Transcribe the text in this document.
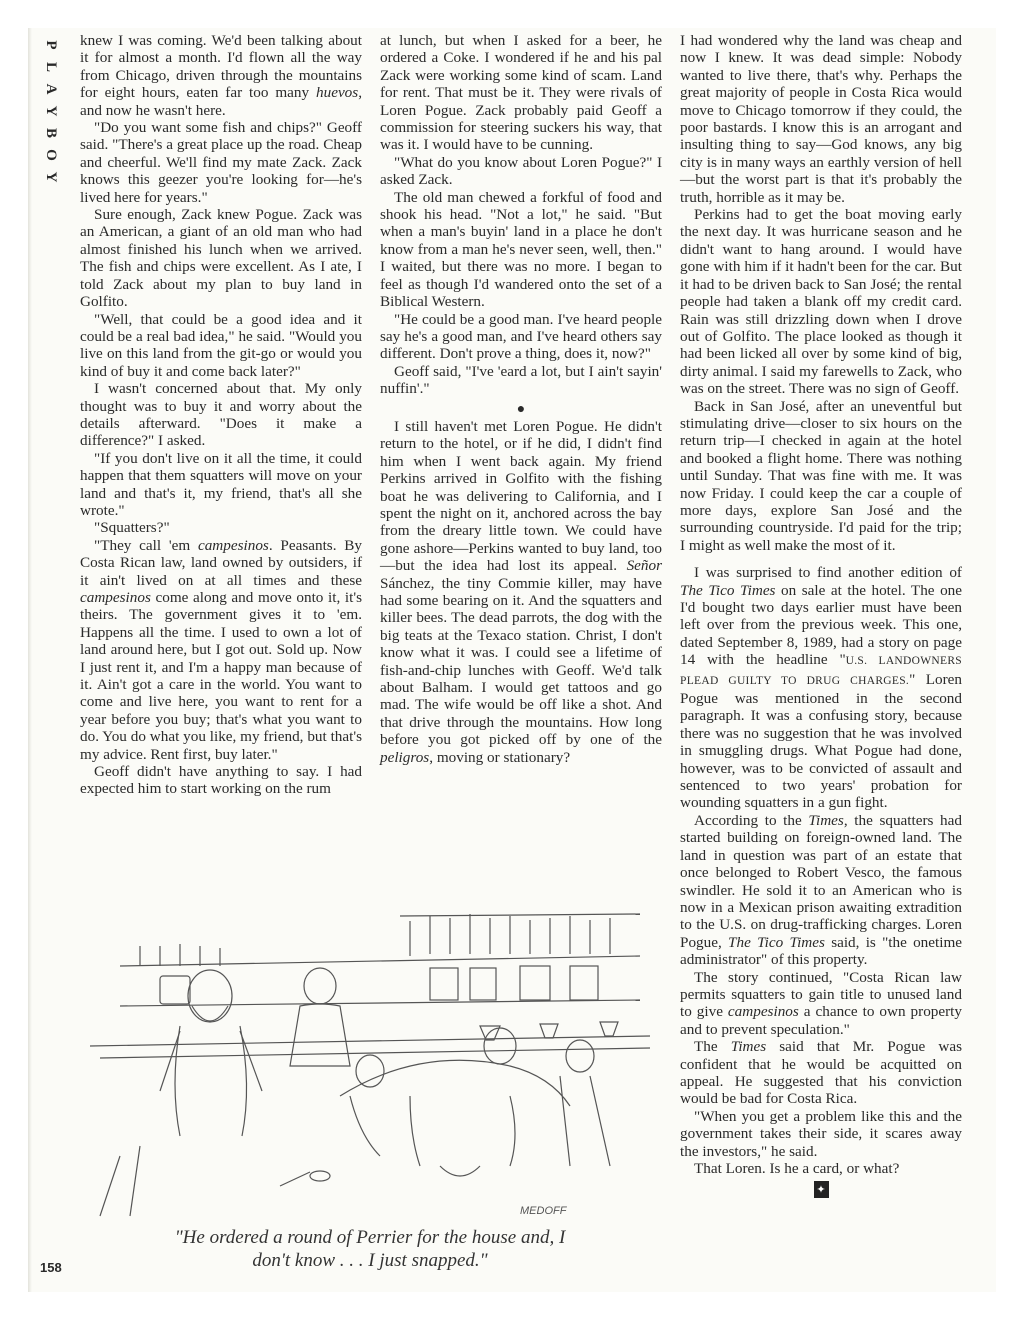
P
L
A
Y
B
O
Y

knew I was coming. We'd been talking about it for almost a month. I'd flown all the way from Chicago, driven through the mountains for eight hours, eaten far too many huevos, and now he wasn't here.

"Do you want some fish and chips?" Geoff said. "There's a great place up the road. Cheap and cheerful. We'll find my mate Zack. Zack knows this geezer you're looking for—he's lived here for years."

Sure enough, Zack knew Pogue. Zack was an American, a giant of an old man who had almost finished his lunch when we arrived. The fish and chips were excellent. As I ate, I told Zack about my plan to buy land in Golfito.

"Well, that could be a good idea and it could be a real bad idea," he said. "Would you live on this land from the git-go or would you kind of buy it and come back later?"

I wasn't concerned about that. My only thought was to buy it and worry about the details afterward. "Does it make a difference?" I asked.

"If you don't live on it all the time, it could happen that them squatters will move on your land and that's it, my friend, that's all she wrote."

"Squatters?"

"They call 'em campesinos. Peasants. By Costa Rican law, land owned by outsiders, if it ain't lived on at all times and these campesinos come along and move onto it, it's theirs. The government gives it to 'em. Happens all the time. I used to own a lot of land around here, but I got out. Sold up. Now I just rent it, and I'm a happy man because of it. Ain't got a care in the world. You want to come and live here, you want to rent for a year before you buy; that's what you want to do. You do what you like, my friend, but that's my advice. Rent first, buy later."

Geoff didn't have anything to say. I had expected him to start working on the rum

at lunch, but when I asked for a beer, he ordered a Coke. I wondered if he and his pal Zack were working some kind of scam. Land for rent. That must be it. They were rivals of Loren Pogue. Zack probably paid Geoff a commission for steering suckers his way, that was it. I would have to be cunning.

"What do you know about Loren Pogue?" I asked Zack.

The old man chewed a forkful of food and shook his head. "Not a lot," he said. "But when a man's buyin' land in a place he don't know from a man he's never seen, well, then." I waited, but there was no more. I began to feel as though I'd wandered onto the set of a Biblical Western.

"He could be a good man. I've heard people say he's a good man, and I've heard others say different. Don't prove a thing, does it, now?"

Geoff said, "I've 'eard a lot, but I ain't sayin' nuffin'."

●

I still haven't met Loren Pogue. He didn't return to the hotel, or if he did, I didn't find him when I went back again. My friend Perkins arrived in Golfito with the fishing boat he was delivering to California, and I spent the night on it, anchored across the bay from the dreary little town. We could have gone ashore—Perkins wanted to buy land, too—but the idea had lost its appeal. Señor Sánchez, the tiny Commie killer, may have had some bearing on it. And the squatters and killer bees. The dead parrots, the dog with the big teats at the Texaco station. Christ, I don't know what it was. I could see a lifetime of fish-and-chip lunches with Geoff. We'd talk about Balham. I would get tattoos and go mad. The wife would be off like a shot. And that drive through the mountains. How long before you got picked off by one of the peligros, moving or stationary?

I had wondered why the land was cheap and now I knew. It was dead simple: Nobody wanted to live there, that's why. Perhaps the great majority of people in Costa Rica would move to Chicago tomorrow if they could, the poor bastards. I know this is an arrogant and insulting thing to say—God knows, any big city is in many ways an earthly version of hell—but the worst part is that it's probably the truth, horrible as it may be.

Perkins had to get the boat moving early the next day. It was hurricane season and he didn't want to hang around. I would have gone with him if it hadn't been for the car. But it had to be driven back to San José; the rental people had taken a blank off my credit card. Rain was still drizzling down when I drove out of Golfito. The place looked as though it had been licked all over by some kind of big, dirty animal. I said my farewells to Zack, who was on the street. There was no sign of Geoff.

Back in San José, after an uneventful but stimulating drive—closer to six hours on the return trip—I checked in again at the hotel and booked a flight home. There was nothing until Sunday. That was fine with me. It was now Friday. I could keep the car a couple of more days, explore San José and the surrounding countryside. I'd paid for the trip; I might as well make the most of it.

I was surprised to find another edition of The Tico Times on sale at the hotel. The one I'd bought two days earlier must have been left over from the previous week. This one, dated September 8, 1989, had a story on page 14 with the headline "U.S. LANDOWNERS PLEAD GUILTY TO DRUG CHARGES." Loren Pogue was mentioned in the second paragraph. It was a confusing story, because there was no suggestion that he was involved in smuggling drugs. What Pogue had done, however, was to be convicted of assault and sentenced to two years' probation for wounding squatters in a gun fight.

According to the Times, the squatters had started building on foreign-owned land. The land in question was part of an estate that once belonged to Robert Vesco, the famous swindler. He sold it to an American who is now in a Mexican prison awaiting extradition to the U.S. on drug-trafficking charges. Loren Pogue, The Tico Times said, is "the onetime administrator" of this property.

The story continued, "Costa Rican law permits squatters to gain title to unused land to give campesinos a chance to own property and to prevent speculation."

The Times said that Mr. Pogue was confident that he would be acquitted on appeal. He suggested that his conviction would be bad for Costa Rica.

"When you get a problem like this and the government takes their side, it scares away the investors," he said.

That Loren. Is he a card, or what?

✦

MEDOFF
"He ordered a round of Perrier for the house and, I
don't know . . . I just snapped."
158
